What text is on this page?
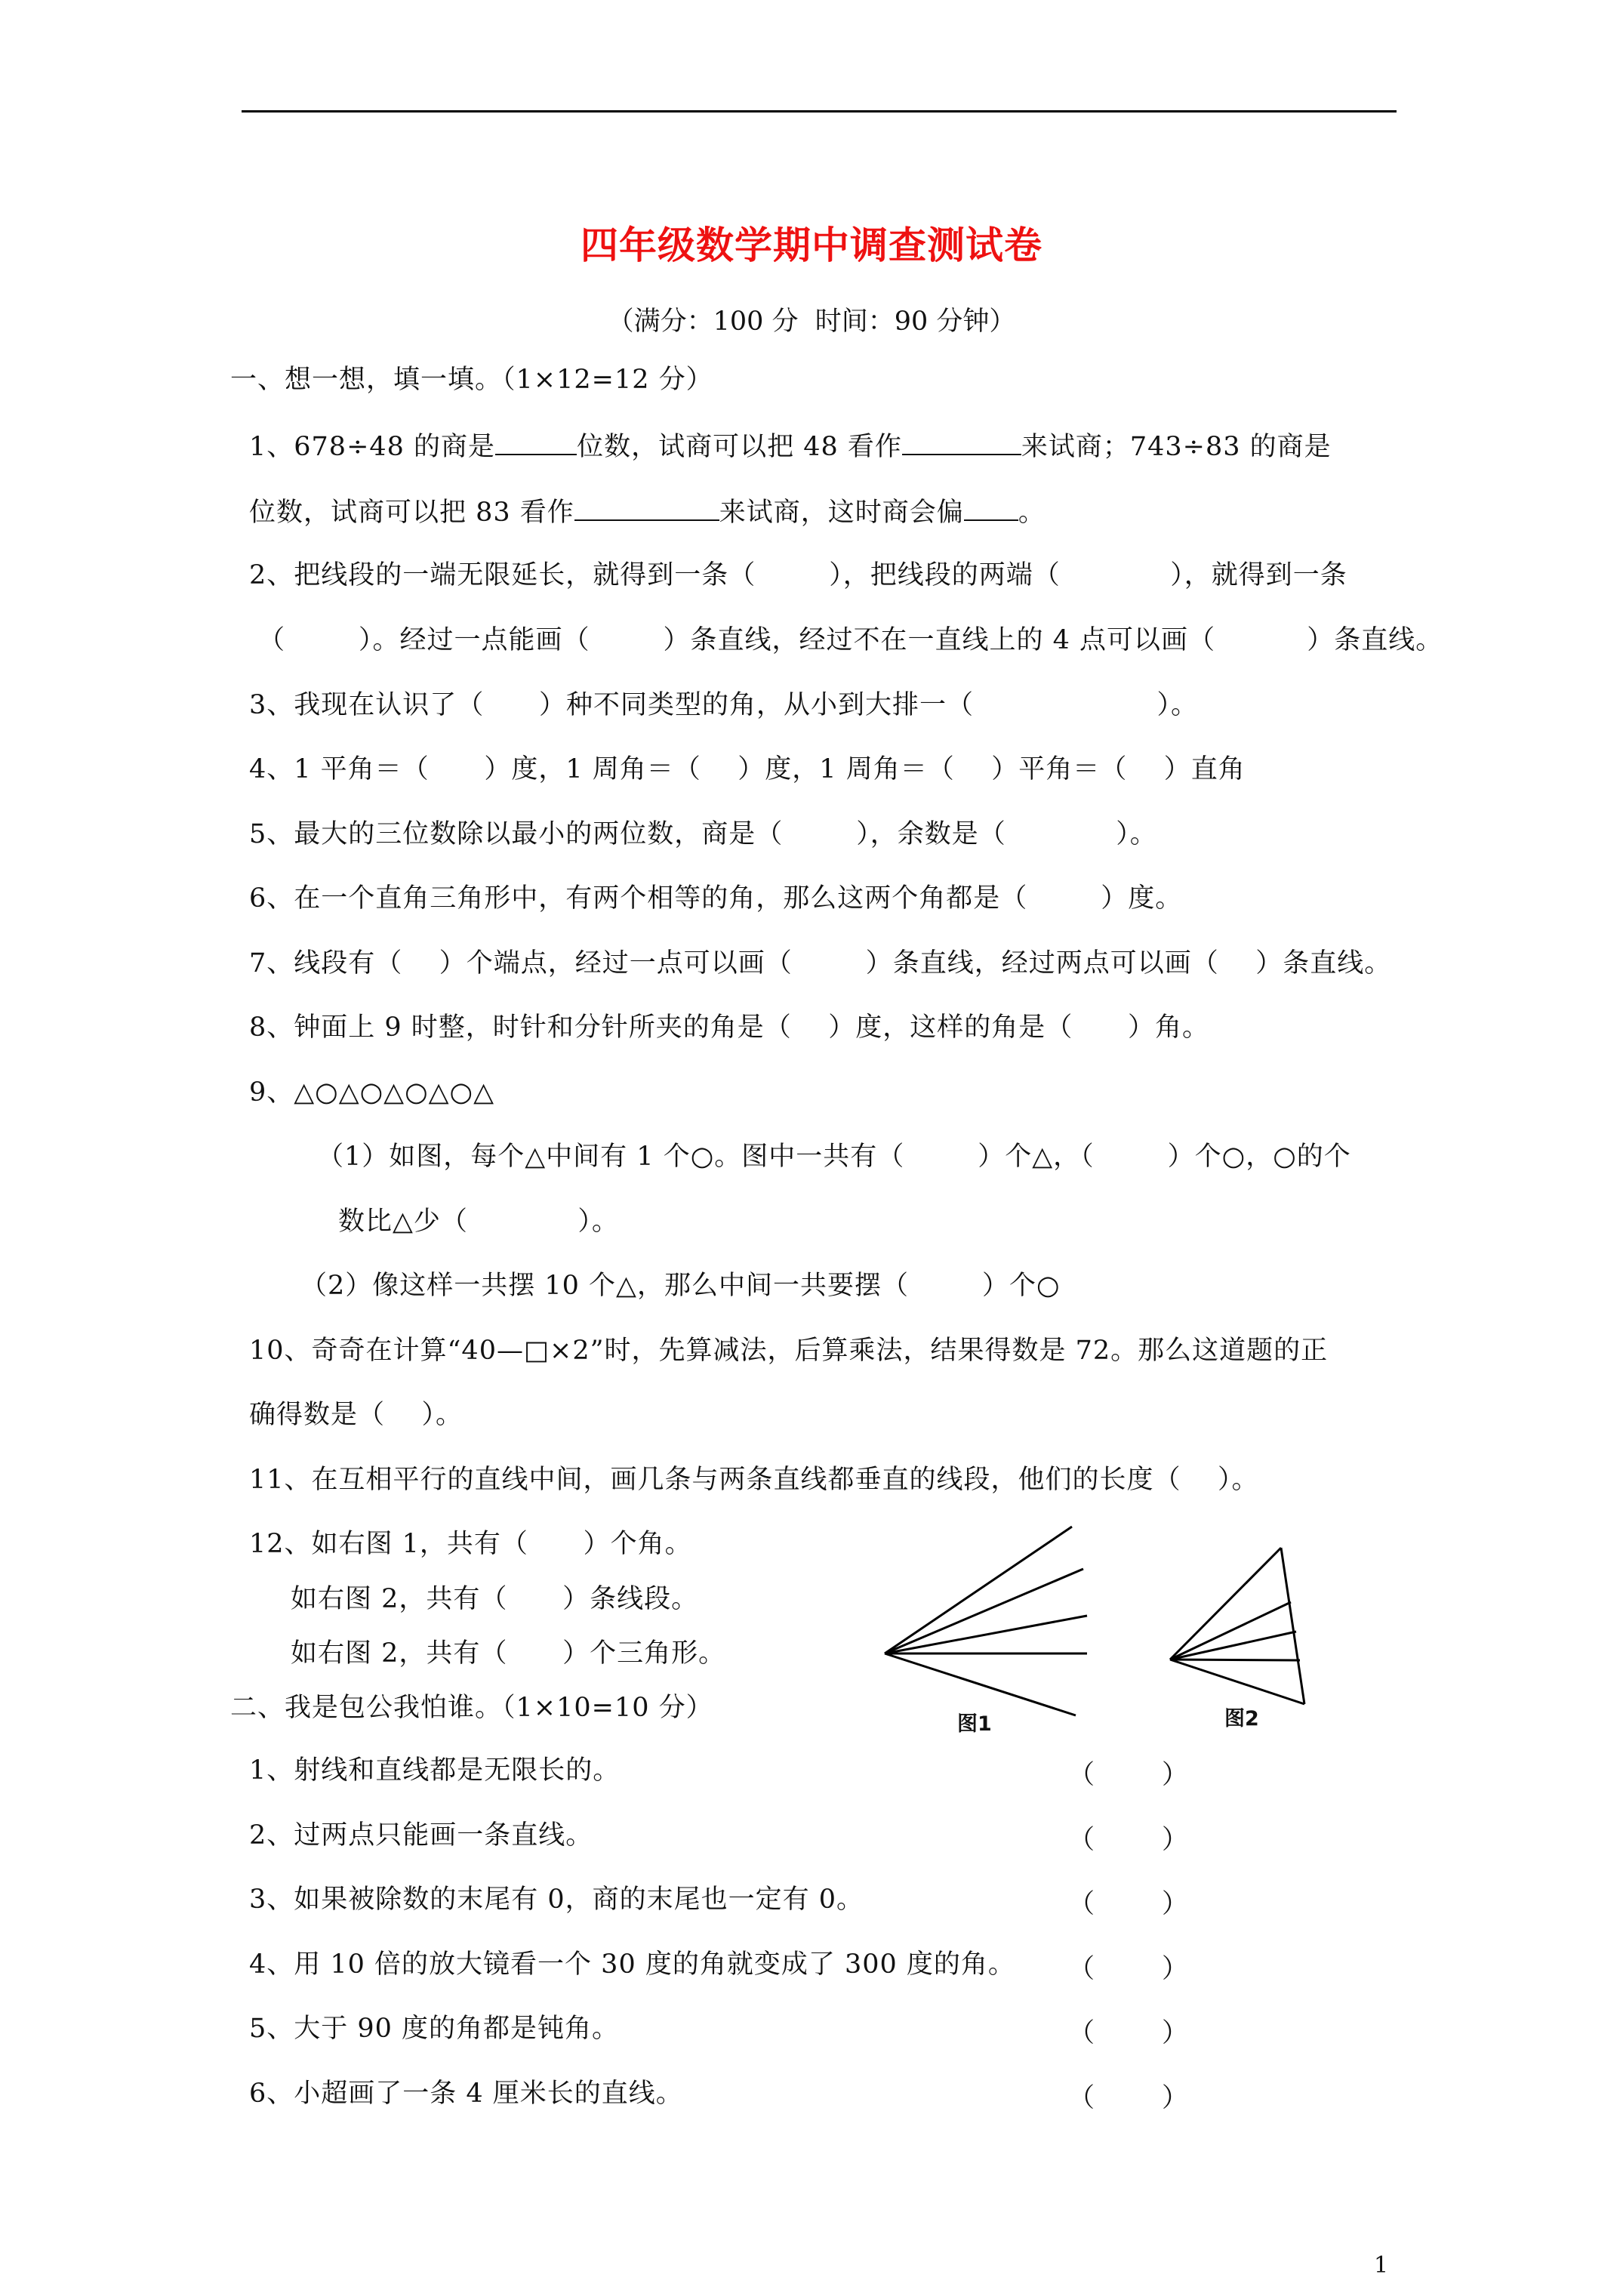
四年级数学期中调查测试卷
（满分：100 分  时间：90 分钟）
一、想一想，填一填。（1×12=12 分）
1、678÷48 的商是	位数，试商可以把 48 看作	来试商；743÷83 的商是
位数，试商可以把 83 看作	来试商，这时商会偏 。
2、把线段的一端无限延长，就得到一条（        ），把线段的两端（            ），就得到一条
（        ）。经过一点能画（        ）条直线，经过不在一直线上的 4 点可以画（          ）条直线。
3、我现在认识了（      ）种不同类型的角，从小到大排一（                    ）。
4、1 平角＝（      ）度，1 周角＝（    ）度，1 周角＝（    ）平角＝（    ）直角
5、最大的三位数除以最小的两位数，商是（        ），余数是（            ）。
6、在一个直角三角形中，有两个相等的角，那么这两个角都是（        ）度。
7、线段有（    ）个端点，经过一点可以画（        ）条直线，经过两点可以画（    ）条直线。
8、钟面上 9 时整，时针和分针所夹的角是（    ）度，这样的角是（      ）角。
9、△○△○△○△○△
（1）如图，每个△中间有 1 个○。图中一共有（        ）个△，（        ）个○，○的个
数比△少（            ）。
（2）像这样一共摆 10 个△，那么中间一共要摆（        ）个○
10、奇奇在计算“40—□×2”时，先算减法，后算乘法，结果得数是 72。那么这道题的正
确得数是（    ）。
11、在互相平行的直线中间，画几条与两条直线都垂直的线段，他们的长度（    ）。
12、如右图 1，共有（      ）个角。
如右图 2，共有（      ）条线段。
如右图 2，共有（      ）个三角形。
图1	图2
二、我是包公我怕谁。（1×10=10 分）
1、射线和直线都是无限长的。	（        ）
2、过两点只能画一条直线。	（        ）
3、如果被除数的末尾有 0，商的末尾也一定有 0。	（        ）
4、用 10 倍的放大镜看一个 30 度的角就变成了 300 度的角。 （        ）
5、大于 90 度的角都是钝角。	（        ）
6、小超画了一条 4 厘米长的直线。	（        ）
1
